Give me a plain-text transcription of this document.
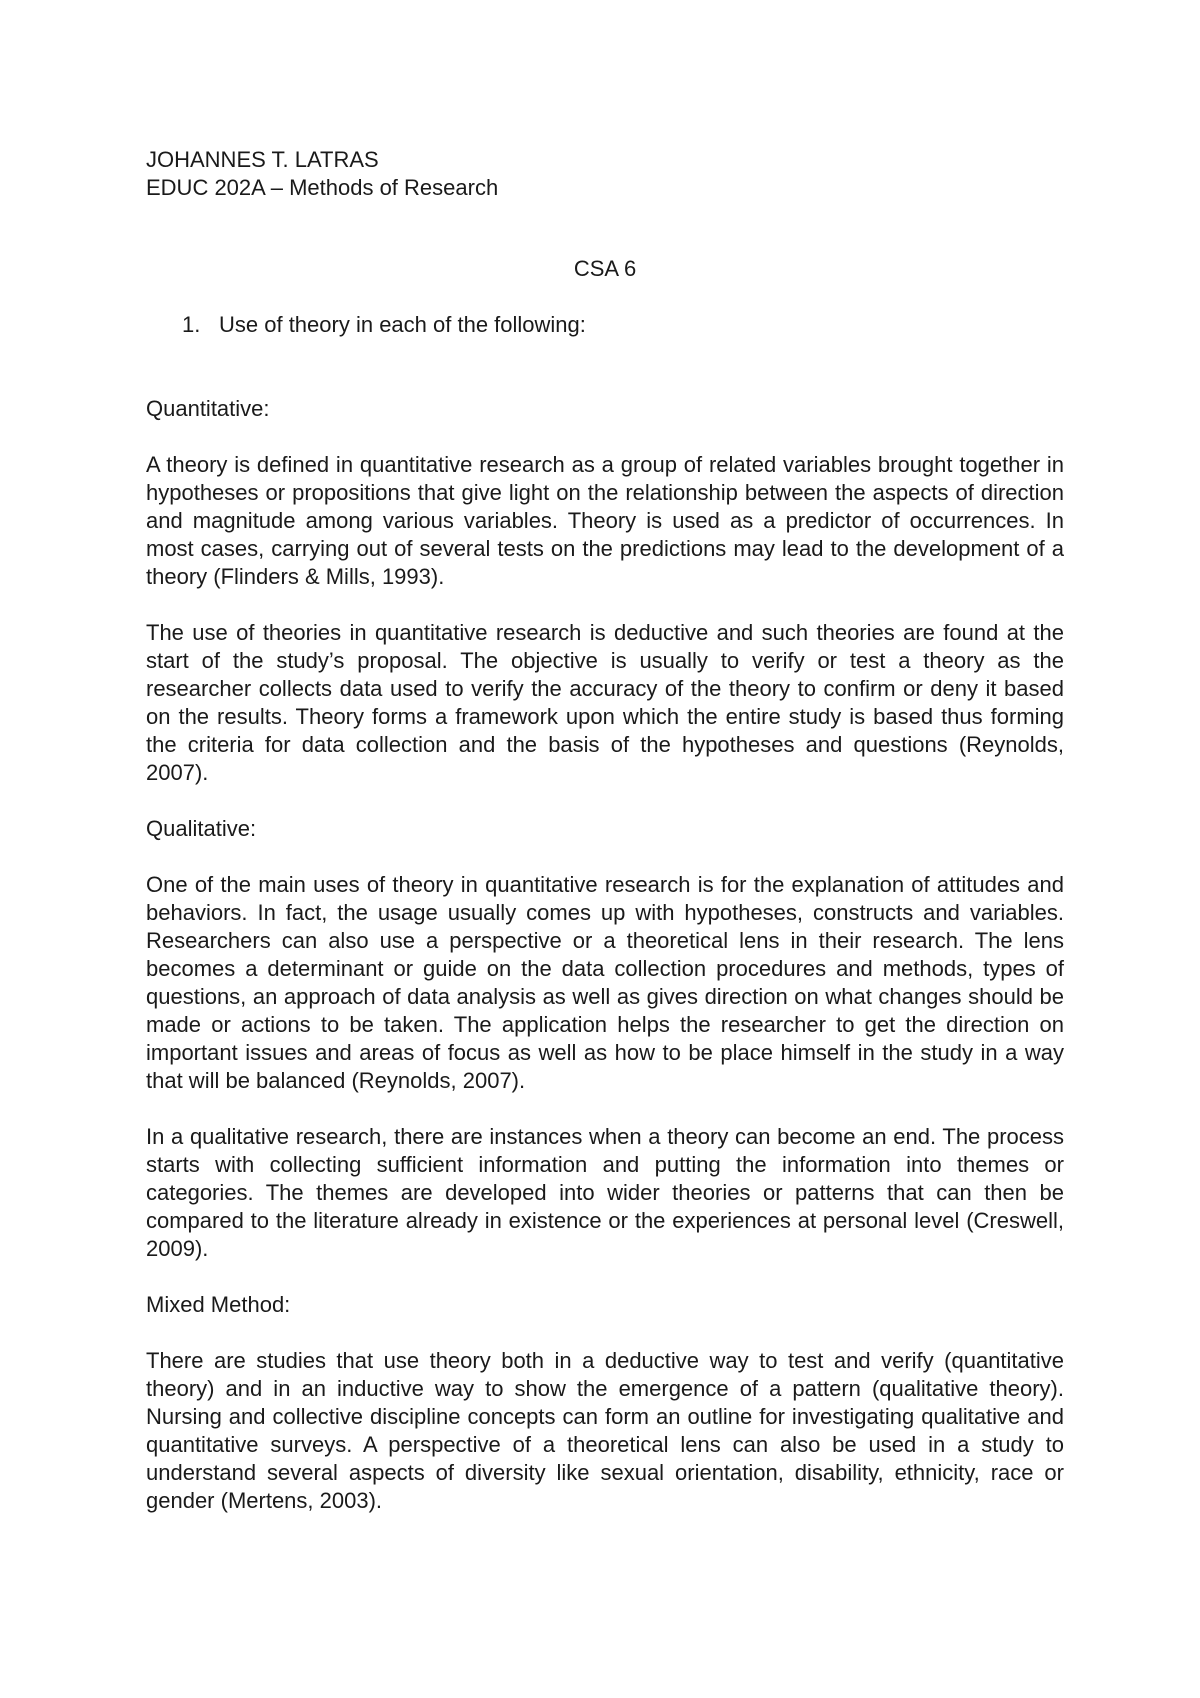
JOHANNES T. LATRAS

EDUC 202A – Methods of Research

CSA 6

1. Use of theory in each of the following:

Quantitative:

A theory is defined in quantitative research as a group of related variables brought together in hypotheses or propositions that give light on the relationship between the aspects of direction and magnitude among various variables. Theory is used as a predictor of occurrences. In most cases, carrying out of several tests on the predictions may lead to the development of a theory (Flinders & Mills, 1993).

The use of theories in quantitative research is deductive and such theories are found at the start of the study’s proposal. The objective is usually to verify or test a theory as the researcher collects data used to verify the accuracy of the theory to confirm or deny it based on the results. Theory forms a framework upon which the entire study is based thus forming the criteria for data collection and the basis of the hypotheses and questions (Reynolds, 2007).

Qualitative:

One of the main uses of theory in quantitative research is for the explanation of attitudes and behaviors. In fact, the usage usually comes up with hypotheses, constructs and variables. Researchers can also use a perspective or a theoretical lens in their research. The lens becomes a determinant or guide on the data collection procedures and methods, types of questions, an approach of data analysis as well as gives direction on what changes should be made or actions to be taken. The application helps the researcher to get the direction on important issues and areas of focus as well as how to be place himself in the study in a way that will be balanced (Reynolds, 2007).

In a qualitative research, there are instances when a theory can become an end. The process starts with collecting sufficient information and putting the information into themes or categories. The themes are developed into wider theories or patterns that can then be compared to the literature already in existence or the experiences at personal level (Creswell, 2009).

Mixed Method:

There are studies that use theory both in a deductive way to test and verify (quantitative theory) and in an inductive way to show the emergence of a pattern (qualitative theory). Nursing and collective discipline concepts can form an outline for investigating qualitative and quantitative surveys. A perspective of a theoretical lens can also be used in a study to understand several aspects of diversity like sexual orientation, disability, ethnicity, race or gender (Mertens, 2003).
